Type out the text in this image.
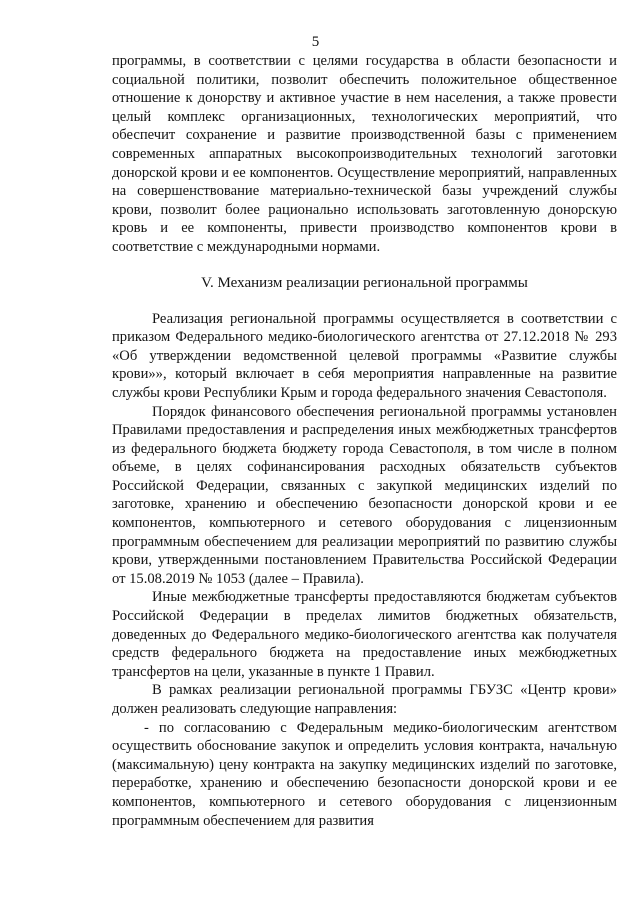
5

программы, в соответствии с целями государства в области безопасности и социальной политики, позволит обеспечить положительное общественное отношение к донорству и активное участие в нем населения, а также провести целый комплекс организационных, технологических мероприятий, что обеспечит сохранение и развитие производственной базы с применением современных аппаратных высокопроизводительных технологий заготовки донорской крови и ее компонентов. Осуществление мероприятий, направленных на совершенствование материально-технической базы учреждений службы крови, позволит более рационально использовать заготовленную донорскую кровь и ее компоненты, привести производство компонентов крови в соответствие с международными нормами.

V. Механизм реализации региональной программы

Реализация региональной программы осуществляется в соответствии с приказом Федерального медико-биологического агентства от 27.12.2018 № 293 «Об утверждении ведомственной целевой программы «Развитие службы крови»», который включает в себя мероприятия направленные на развитие службы крови Республики Крым и города федерального значения Севастополя.

Порядок финансового обеспечения региональной программы установлен Правилами предоставления и распределения иных межбюджетных трансфертов из федерального бюджета бюджету города Севастополя, в том числе в полном объеме, в целях софинансирования расходных обязательств субъектов Российской Федерации, связанных с закупкой медицинских изделий по заготовке, хранению и обеспечению безопасности донорской крови и ее компонентов, компьютерного и сетевого оборудования с лицензионным программным обеспечением для реализации мероприятий по развитию службы крови, утвержденными постановлением Правительства Российской Федерации от 15.08.2019 № 1053 (далее – Правила).

Иные межбюджетные трансферты предоставляются бюджетам субъектов Российской Федерации в пределах лимитов бюджетных обязательств, доведенных до Федерального медико-биологического агентства как получателя средств федерального бюджета на предоставление иных межбюджетных трансфертов на цели, указанные в пункте 1 Правил.

В рамках реализации региональной программы ГБУЗС «Центр крови» должен реализовать следующие направления:

- по согласованию с Федеральным медико-биологическим агентством осуществить обоснование закупок и определить условия контракта, начальную (максимальную) цену контракта на закупку медицинских изделий по заготовке, переработке, хранению и обеспечению безопасности донорской крови и ее компонентов, компьютерного и сетевого оборудования с лицензионным программным обеспечением для развития
